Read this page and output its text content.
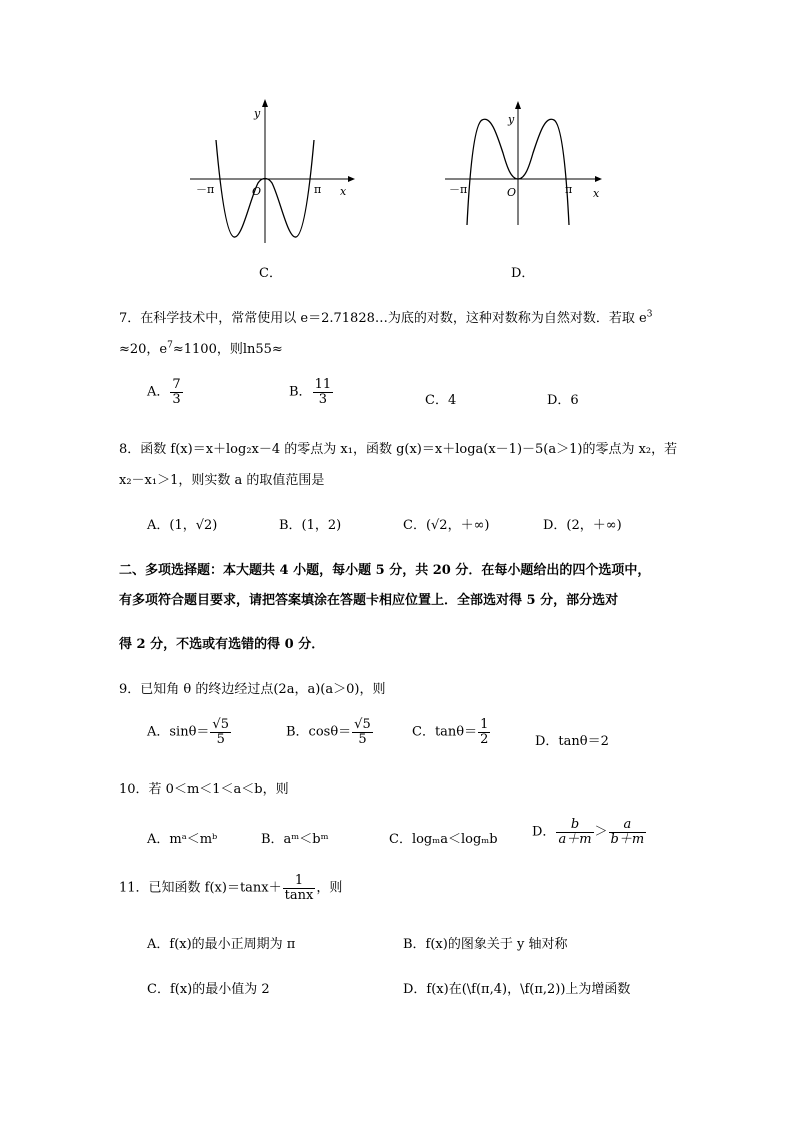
－π	O	π x
y
C．
－π	O	π x
y
D．
7．在科学技术中，常常使用以 e＝2.71828…为底的对数，这种对数称为自然对数．若取 $e^3$
≈20，$e^7\approx 1100$，则ln55≈
A． $\frac{7}{3}$	B． $\frac{11}{3}$	C．4	D．6
8．函数 f(x)＝x＋log₂x－4 的零点为 x₁，函数 g(x)＝x＋loga(x－1)－5(a＞1)的零点为 x₂，若
x₂－x₁＞1，则实数 a 的取值范围是
A．(1，√2)	B．(1，2)	C．(√2，＋∞)	D．(2，＋∞)
二、多项选择题：本大题共 4 小题，每小题 5 分，共 20 分．在每小题给出的四个选项中，
有多项符合题目要求，请把答案填涂在答题卡相应位置上．全部选对得 5 分，部分选对
得 2 分，不选或有选错的得 0 分．
9．已知角 θ 的终边经过点(2a，a)(a＞0)，则
A．$\sin\theta= \frac{√5}{5}$	B．$\cos\theta= \frac{√5}{5}$	C．$\tan\theta= \frac{1}{2}$	D．tanθ＝2
10．若 0＜m＜1＜a＜b，则
A．mᵃ＜mᵇ	B．aᵐ＜bᵐ	C．logₘa＜logₘb	D． $\frac{b}{a+m} > \frac{a}{b+m}$
11．已知函数 $f(x)=\tan x+ \frac{1}{\tan x}$ ，则
A．f(x)的最小正周期为 π	B．f(x)的图象关于 y 轴对称
C．f(x)的最小值为 2	D．f(x)在(\f(π,4)，\f(π,2))上为增函数
